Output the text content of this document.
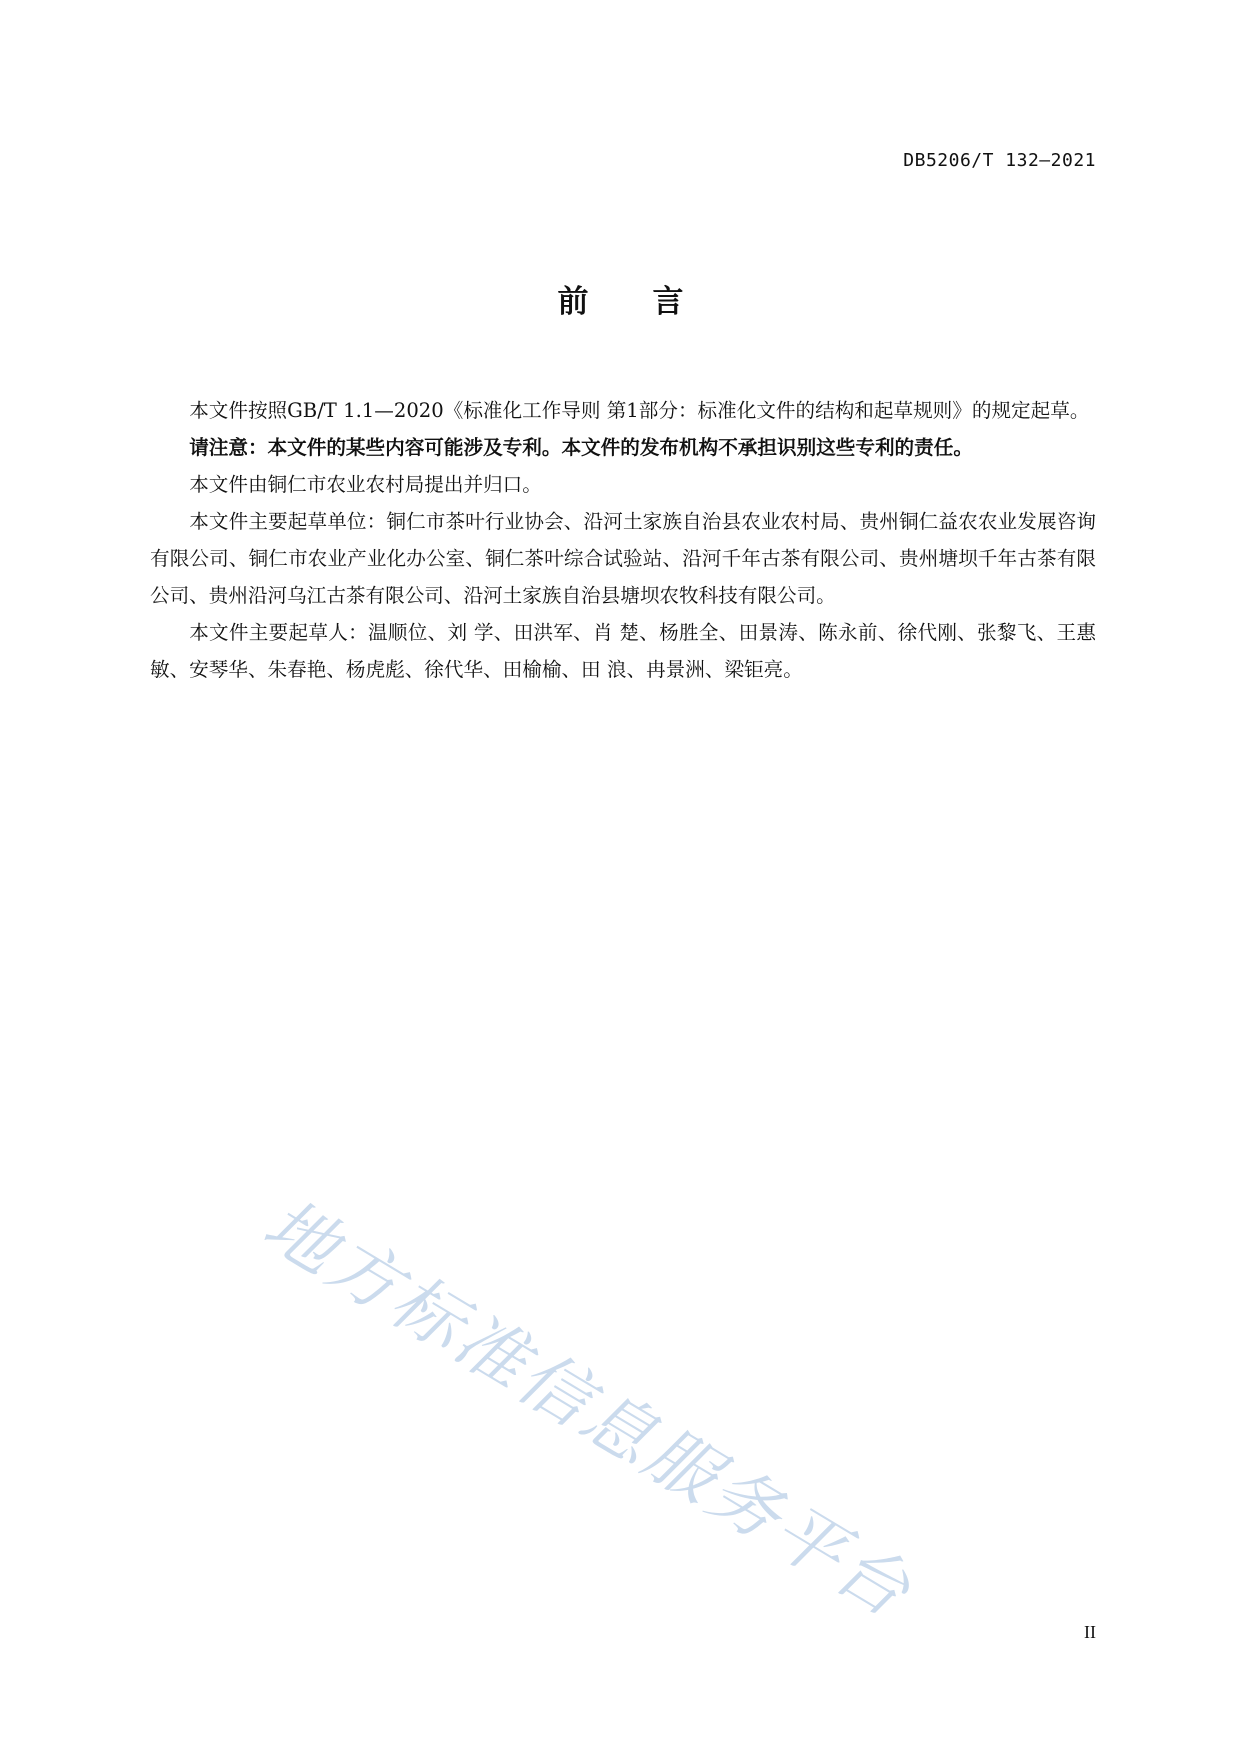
DB5206/T 132—2021
前言

本文件按照GB/T 1.1—2020《标准化工作导则 第1部分：标准化文件的结构和起草规则》的规定起草。

请注意：本文件的某些内容可能涉及专利。本文件的发布机构不承担识别这些专利的责任。

本文件由铜仁市农业农村局提出并归口。

本文件主要起草单位：铜仁市茶叶行业协会、沿河土家族自治县农业农村局、贵州铜仁益农农业发展咨询有限公司、铜仁市农业产业化办公室、铜仁茶叶综合试验站、沿河千年古茶有限公司、贵州塘坝千年古茶有限公司、贵州沿河乌江古茶有限公司、沿河土家族自治县塘坝农牧科技有限公司。

本文件主要起草人：温顺位、刘 学、田洪军、肖 楚、杨胜全、田景涛、陈永前、徐代刚、张黎飞、王惠敏、安琴华、朱春艳、杨虎彪、徐代华、田榆榆、田 浪、冉景洲、梁钜亮。

地方标准信息服务平台	II
